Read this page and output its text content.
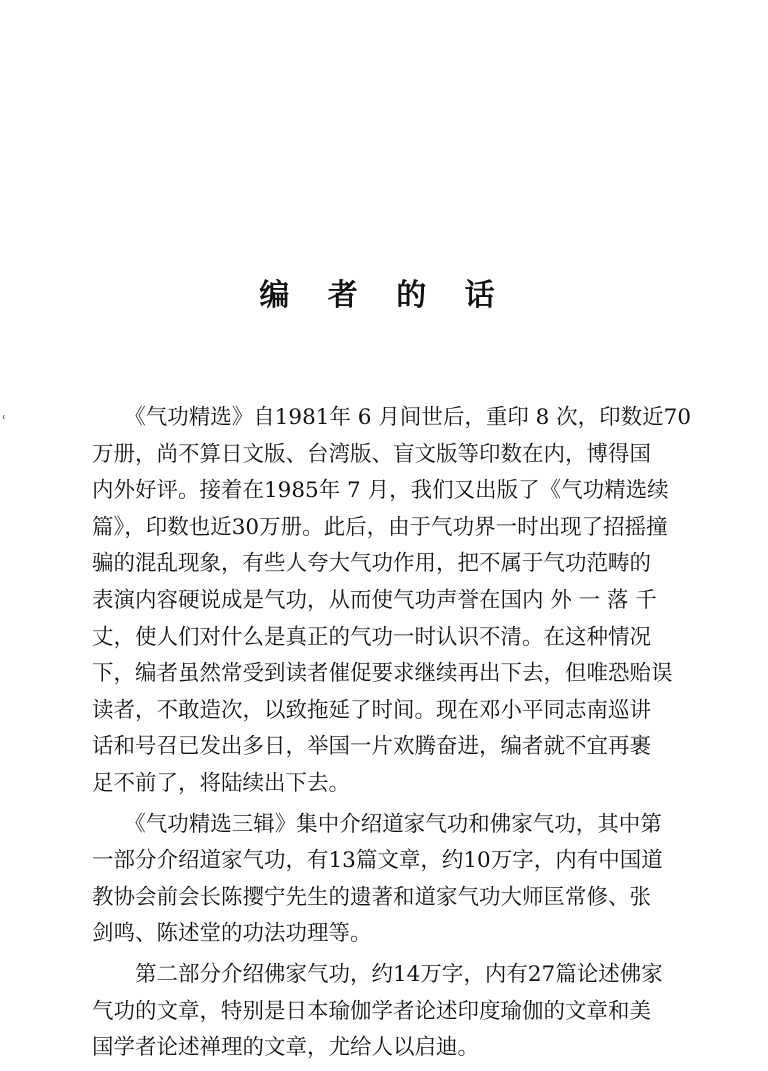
ʿ
编 者 的 话
　　《气功精选》自1981年 6 月间世后，重印 8 次，印数近70
万册，尚不算日文版、台湾版、盲文版等印数在内，博得国
内外好评。接着在1985年 7 月，我们又出版了《气功精选续
篇》，印数也近30万册。此后，由于气功界一时出现了招摇撞
骗的混乱现象，有些人夸大气功作用，把不属于气功范畴的
表演内容硬说成是气功，从而使气功声誉在国内 外 一 落 千
丈，使人们对什么是真正的气功一时认识不清。在这种情况
下，编者虽然常受到读者催促要求继续再出下去，但唯恐贻误
读者，不敢造次，以致拖延了时间。现在邓小平同志南巡讲
话和号召已发出多日，举国一片欢腾奋进，编者就不宜再裹
足不前了，将陆续出下去。
　　《气功精选三辑》集中介绍道家气功和佛家气功，其中第
一部分介绍道家气功，有13篇文章，约10万字，内有中国道
教协会前会长陈撄宁先生的遗著和道家气功大师匡常修、张
剑鸣、陈述堂的功法功理等。
　　第二部分介绍佛家气功，约14万字，内有27篇论述佛家
气功的文章，特别是日本瑜伽学者论述印度瑜伽的文章和美
国学者论述禅理的文章，尤给人以启迪。
